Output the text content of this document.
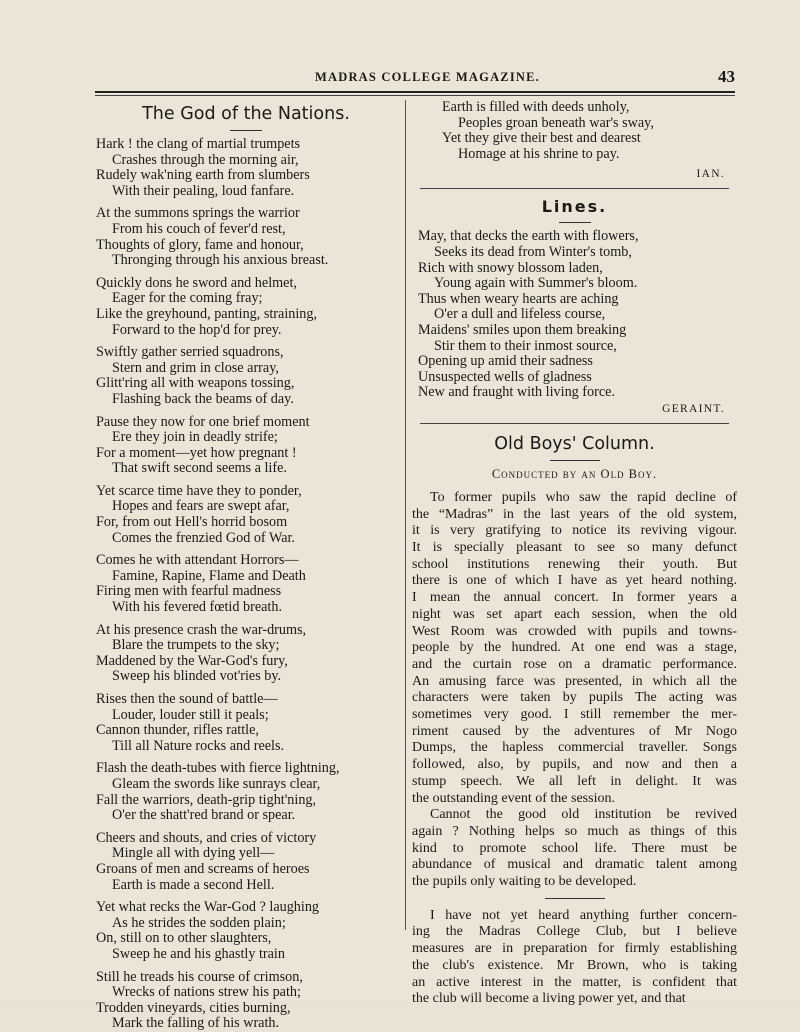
MADRAS COLLEGE MAGAZINE.	43
The God of the Nations.
Hark ! the clang of martial trumpets
Crashes through the morning air,
Rudely wak'ning earth from slumbers
With their pealing, loud fanfare.
At the summons springs the warrior
From his couch of fever'd rest,
Thoughts of glory, fame and honour,
Thronging through his anxious breast.
Quickly dons he sword and helmet,
Eager for the coming fray;
Like the greyhound, panting, straining,
Forward to the hop'd for prey.
Swiftly gather serried squadrons,
Stern and grim in close array,
Glitt'ring all with weapons tossing,
Flashing back the beams of day.
Pause they now for one brief moment
Ere they join in deadly strife;
For a moment—yet how pregnant !
That swift second seems a life.
Yet scarce time have they to ponder,
Hopes and fears are swept afar,
For, from out Hell's horrid bosom
Comes the frenzied God of War.
Comes he with attendant Horrors—
Famine, Rapine, Flame and Death
Firing men with fearful madness
With his fevered fœtid breath.
At his presence crash the war-drums,
Blare the trumpets to the sky;
Maddened by the War-God's fury,
Sweep his blinded vot'ries by.
Rises then the sound of battle—
Louder, louder still it peals;
Cannon thunder, rifles rattle,
Till all Nature rocks and reels.
Flash the death-tubes with fierce lightning,
Gleam the swords like sunrays clear,
Fall the warriors, death-grip tight'ning,
O'er the shatt'red brand or spear.
Cheers and shouts, and cries of victory
Mingle all with dying yell—
Groans of men and screams of heroes
Earth is made a second Hell.
Yet what recks the War-God ? laughing
As he strides the sodden plain;
On, still on to other slaughters,
Sweep he and his ghastly train
Still he treads his course of crimson,
Wrecks of nations strew his path;
Trodden vineyards, cities burning,
Mark the falling of his wrath.
Earth is filled with deeds unholy,
Peoples groan beneath war's sway,
Yet they give their best and dearest
Homage at his shrine to pay.
IAN.
Lines.
May, that decks the earth with flowers,
Seeks its dead from Winter's tomb,
Rich with snowy blossom laden,
Young again with Summer's bloom.
Thus when weary hearts are aching
O'er a dull and lifeless course,
Maidens' smiles upon them breaking
Stir them to their inmost source,
Opening up amid their sadness
Unsuspected wells of gladness
New and fraught with living force.
GERAINT.
Old Boys' Column.
Conducted by an Old Boy.
To former pupils who saw the rapid decline of
the “Madras” in the last years of the old system,
it is very gratifying to notice its reviving vigour.
It is specially pleasant to see so many defunct
school institutions renewing their youth. But
there is one of which I have as yet heard nothing.
I mean the annual concert. In former years a
night was set apart each session, when the old
West Room was crowded with pupils and towns-
people by the hundred. At one end was a stage,
and the curtain rose on a dramatic performance.
An amusing farce was presented, in which all the
characters were taken by pupils The acting was
sometimes very good. I still remember the mer-
riment caused by the adventures of Mr Nogo
Dumps, the hapless commercial traveller. Songs
followed, also, by pupils, and now and then a
stump speech. We all left in delight. It was
the outstanding event of the session.
Cannot the good old institution be revived
again ? Nothing helps so much as things of this
kind to promote school life. There must be
abundance of musical and dramatic talent among
the pupils only waiting to be developed.
I have not yet heard anything further concern-
ing the Madras College Club, but I believe
measures are in preparation for firmly establishing
the club's existence. Mr Brown, who is taking
an active interest in the matter, is confident that
the club will become a living power yet, and that
